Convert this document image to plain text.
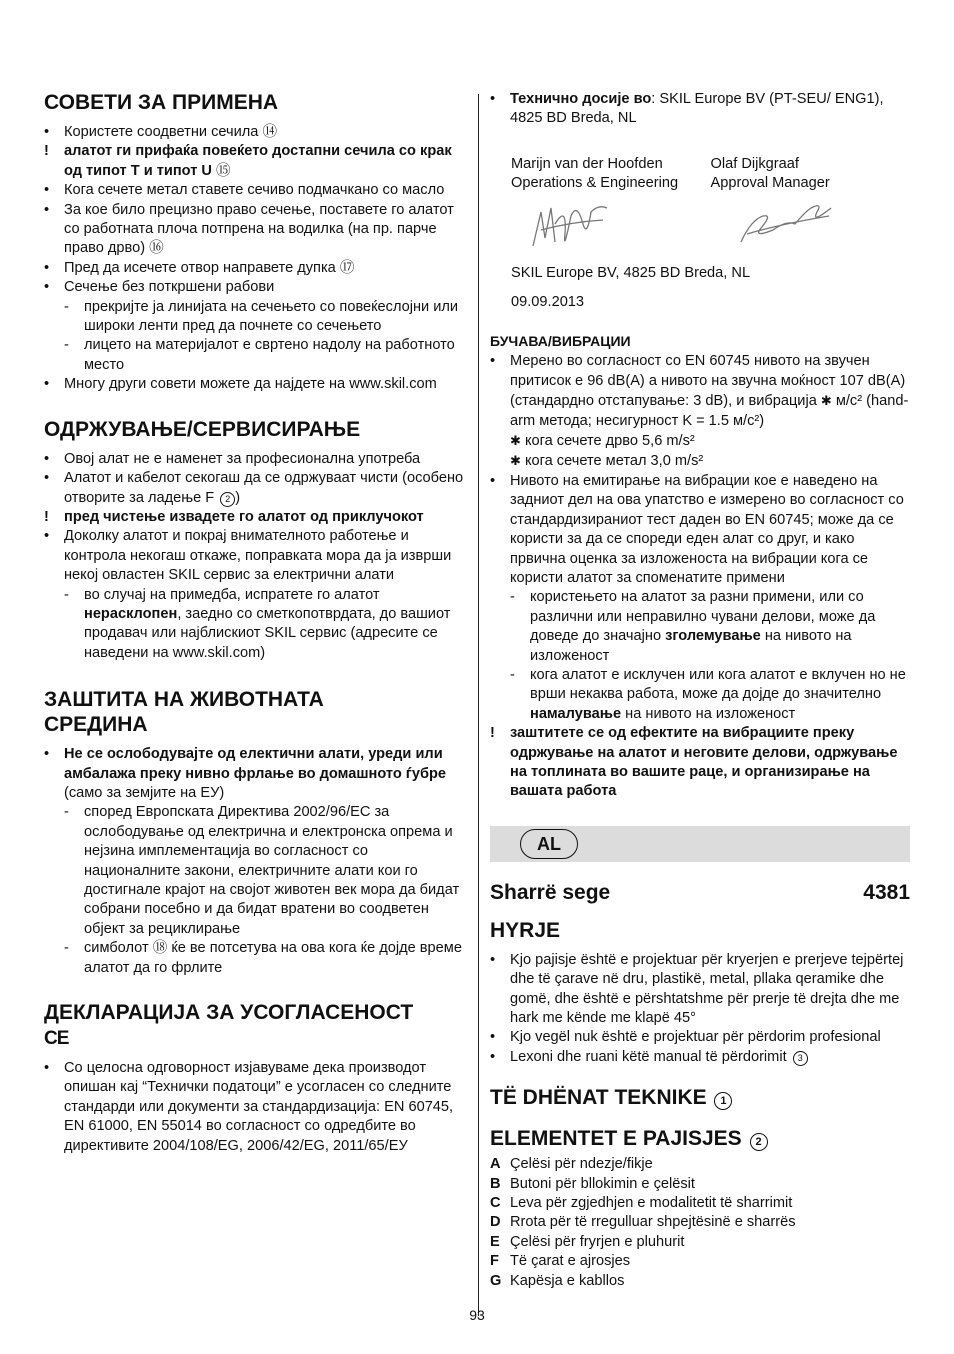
СОВЕТИ ЗА ПРИМЕНА
•	Користете соодветни сечила ⑭
!	алатот ги прифаќа повеќето достапни сечила со крак од типот T и типот U ⑮
•	Кога сечете метал ставете сечиво подмачкано со масло
•	За кое било прецизно право сечење, поставете го алатот со работната плоча потпрена на водилка (на пр. парче право дрво) ⑯
•	Пред да исечете отвор направете дупка ⑰
•	Сечење без поткршени рабови
-	прекријте ја линијата на сечењето со повеќеслојни или широки ленти пред да почнете со сечењето
-	лицето на материјалот е свртено надолу на работното место
•	Многу други совети можете да најдете на www.skil.com
ОДРЖУВАЊЕ/СЕРВИСИРАЊЕ
•	Овој алат не е наменет за професионална употреба
•	Алатот и кабелот секогаш да се одржуваат чисти (особено отворите за ладење F 2 )
!	пред чистење извадете го алатот од приклучокот
•	Доколку алатот и покрај внимателното работење и контрола некогаш откаже, поправката мора да ја изврши некој овластен SKIL сервис за електрични алати
-	во случај на примедба, испратете го алатот нерасклопен, заедно со сметкопотврдата, до вашиот продавач или најблискиот SKIL сервис (адресите се наведени на www.skil.com)
ЗАШТИТА НА ЖИВОТНАТА
СРЕДИНА
•	Не се ослободувајте од електични алати, уреди или амбалажа преку нивно фрлање во домашното ѓубре (само за земјите на ЕУ)
-	според Европската Директива 2002/96/EC за ослободување од електрична и електронска опрема и нејзина имплементација во согласност со националните закони, електричните алати кои го достигнале крајот на својот животен век мора да бидат собрани посебно и да бидат вратени во соодветен објект за рециклирање
-	симболот ⑱ ќе ве потсетува на ова кога ќе дојде време алатот да го фрлите
ДЕКЛАРАЦИЈА ЗА УСОГЛАСЕНОСТ
CE
•	Со целосна одговорност изјавуваме дека производот опишан кај “Технички податоци” е усогласен со следните стандарди или документи за стандардизација: EN 60745, EN 61000, EN 55014 во согласност со одредбите во директивите 2004/108/EG, 2006/42/EG, 2011/65/ЕУ
•	Технично досије во: SKIL Europe BV (PT-SEU/ ENG1), 4825 BD Breda, NL
Marijn van der Hoofden
Operations & Engineering
Olaf Dijkgraaf
Approval Manager
SKIL Europe BV, 4825 BD Breda, NL
09.09.2013
БУЧАВА/ВИБРАЦИИ
•	Мерено во согласност со EN 60745 нивото на звучен притисок е 96 dB(A) а нивото на звучна моќност 107 dB(A) (стандардно отстапување: 3 dB), и вибрација ✱ м/с² (hand-arm метода; несигурност K = 1.5 м/с²)
✱ кога сечете дрво 5,6 m/s²
✱ кога сечете метал 3,0 m/s²
•	Нивото на емитирање на вибрации кое е наведено на задниот дел на ова упатство е измерено во согласност со стандардизираниот тест даден во EN 60745; може да се користи за да се спореди еден алат со друг, и како првична оценка за изложеноста на вибрации кога се користи алатот за споменатите примени
-	користењето на алатот за разни примени, или со различни или неправилно чувани делови, може да доведе до значајно зголемување на нивото на изложеност
-	кога алатот е исклучен или кога алатот е вклучен но не врши некаква работа, може да дојде до значително намалување на нивото на изложеност
!	заштитете се од ефектите на вибрациите преку одржување на алатот и неговите делови, одржување на топлината во вашите раце, и организирање на вашата работа
AL
Sharrë sege	4381
HYRJE
•	Kjo pajisje është e projektuar për kryerjen e prerjeve tejpërtej dhe të çarave në dru, plastikë, metal, pllaka qeramike dhe gomë, dhe është e përshtatshme për prerje të drejta dhe me hark me kënde me klapë 45°
•	Kjo vegël nuk është e projektuar për përdorim profesional
•	Lexoni dhe ruani këtë manual të përdorimit 3
TË DHËNAT TEKNIKE 1
ELEMENTET E PAJISJES 2
A Çelësi për ndezje/fikje
B Butoni për bllokimin e çelësit
C Leva për zgjedhjen e modalitetit të sharrimit
D Rrota për të rregulluar shpejtësinë e sharrës
E Çelësi për fryrjen e pluhurit
F Të çarat e ajrosjes
G Kapësja e kabllos
93
